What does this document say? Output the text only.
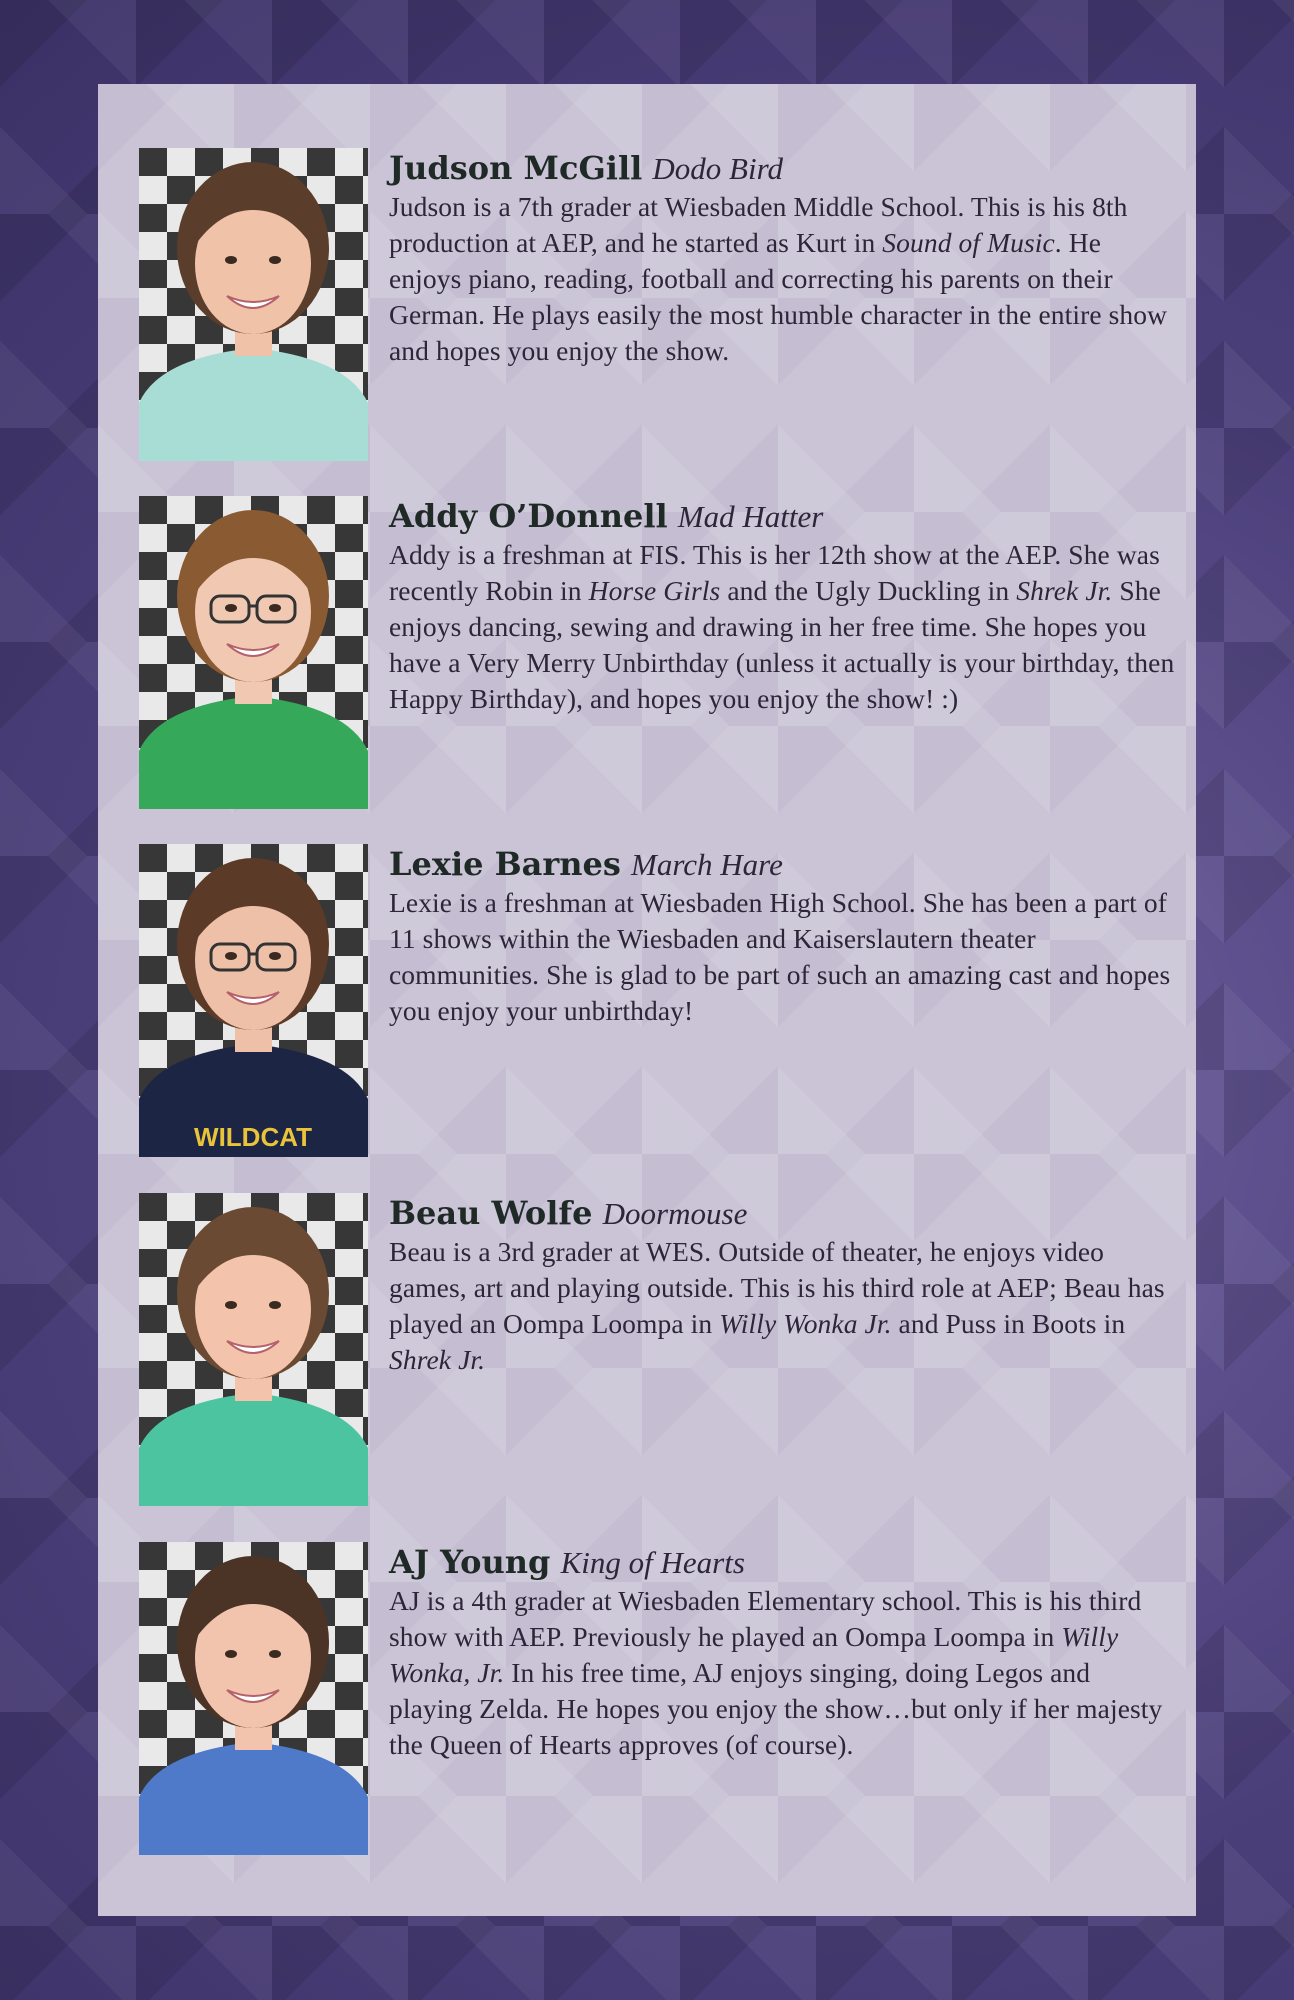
Judson McGill Dodo Bird

Judson is a 7th grader at Wiesbaden Middle School. This is his 8th production at AEP, and he started as Kurt in Sound of Music. He enjoys piano, reading, football and correcting his parents on their German. He plays easily the most humble character in the entire show and hopes you enjoy the show.

Addy O’Donnell Mad Hatter

Addy is a freshman at FIS. This is her 12th show at the AEP. She was recently Robin in Horse Girls and the Ugly Duckling in Shrek Jr. She enjoys dancing, sewing and drawing in her free time. She hopes you have a Very Merry Unbirthday (unless it actually is your birthday, then Happy Birthday), and hopes you enjoy the show! :)

WILDCAT

Lexie Barnes March Hare

Lexie is a freshman at Wiesbaden High School. She has been a part of 11 shows within the Wiesbaden and Kaiserslautern theater communities. She is glad to be part of such an amazing cast and hopes you enjoy your unbirthday!

Beau Wolfe Doormouse

Beau is a 3rd grader at WES. Outside of theater, he enjoys video games, art and playing outside. This is his third role at AEP; Beau has played an Oompa Loompa in Willy Wonka Jr. and Puss in Boots in Shrek Jr.

AJ Young King of Hearts

AJ is a 4th grader at Wiesbaden Elementary school. This is his third show with AEP. Previously he played an Oompa Loompa in Willy Wonka, Jr. In his free time, AJ enjoys singing, doing Legos and playing Zelda. He hopes you enjoy the show…but only if her majesty the Queen of Hearts approves (of course).
